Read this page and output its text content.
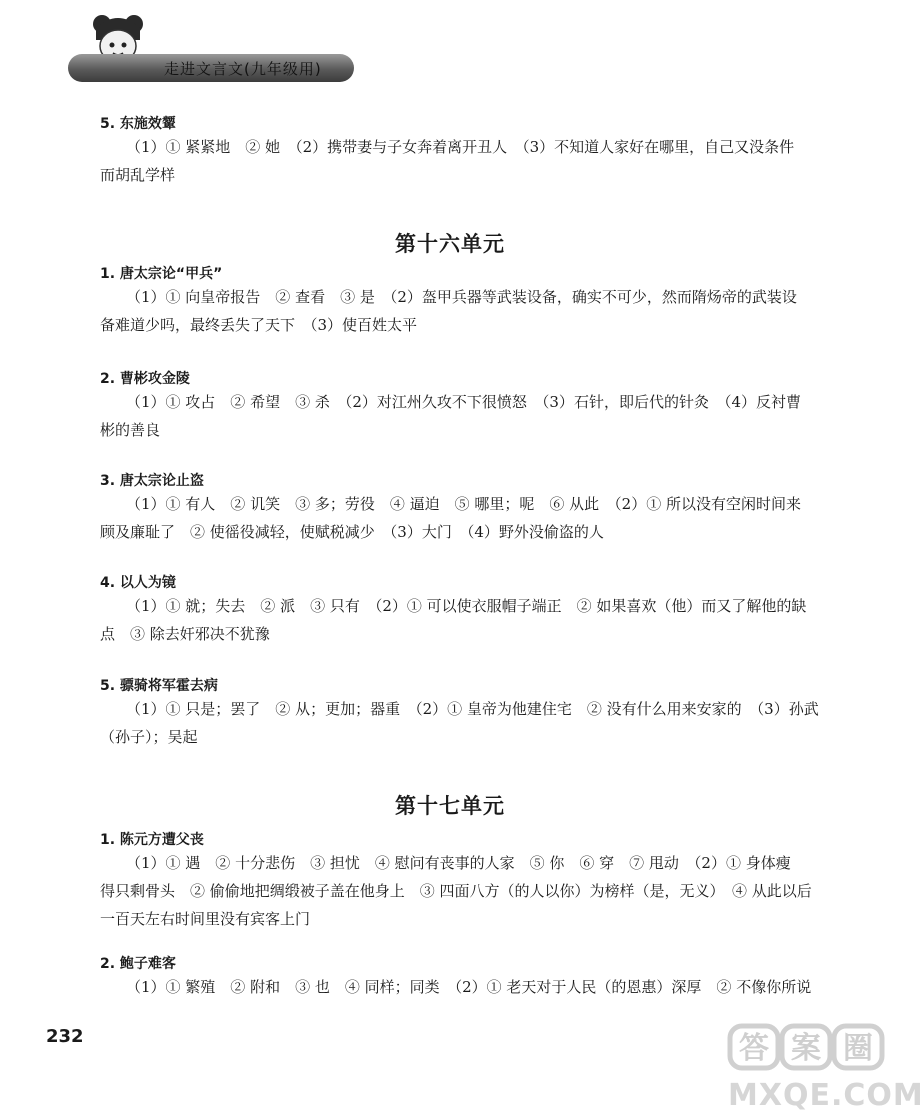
走进文言文(九年级用)
5. 东施效颦
（1）① 紧紧地　② 她　（2）携带妻与子女奔着离开丑人　（3）不知道人家好在哪里，自己又没条件
而胡乱学样
第十六单元
1. 唐太宗论“甲兵”
（1）① 向皇帝报告　② 查看　③ 是　（2）盔甲兵器等武装设备，确实不可少，然而隋炀帝的武装设
备难道少吗，最终丢失了天下　（3）使百姓太平
2. 曹彬攻金陵
（1）① 攻占　② 希望　③ 杀　（2）对江州久攻不下很愤怒　（3）石针，即后代的针灸　（4）反衬曹
彬的善良
3. 唐太宗论止盗
（1）① 有人　② 讥笑　③ 多；劳役　④ 逼迫　⑤ 哪里；呢　⑥ 从此　（2）① 所以没有空闲时间来
顾及廉耻了　② 使徭役减轻，使赋税减少　（3）大门　（4）野外没偷盗的人
4. 以人为镜
（1）① 就；失去　② 派　③ 只有　（2）① 可以使衣服帽子端正　② 如果喜欢（他）而又了解他的缺
点　③ 除去奸邪决不犹豫
5. 骠骑将军霍去病
（1）① 只是；罢了　② 从；更加；器重　（2）① 皇帝为他建住宅　② 没有什么用来安家的　（3）孙武
（孙子）；吴起
第十七单元
1. 陈元方遭父丧
（1）① 遇　② 十分悲伤　③ 担忧　④ 慰问有丧事的人家　⑤ 你　⑥ 穿　⑦ 甩动　（2）① 身体瘦
得只剩骨头　② 偷偷地把绸缎被子盖在他身上　③ 四面八方（的人以你）为榜样（是，无义）　④ 从此以后
一百天左右时间里没有宾客上门
2. 鲍子难客
（1）① 繁殖　② 附和　③ 也　④ 同样；同类　（2）① 老天对于人民（的恩惠）深厚　② 不像你所说
232	答 案 圈
MXQE.COM
